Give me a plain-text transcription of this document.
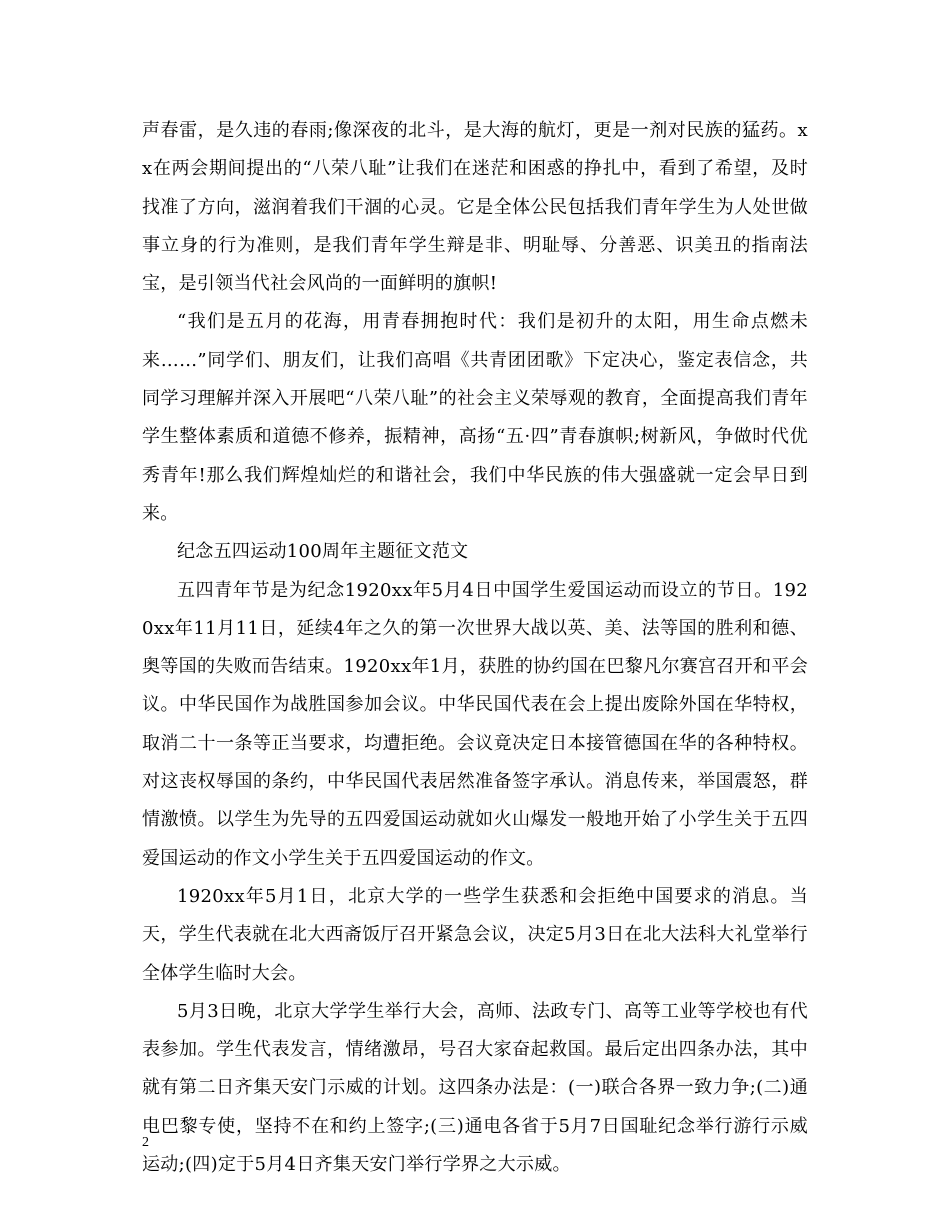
声春雷，是久违的春雨;像深夜的北斗，是大海的航灯，更是一剂对民族的猛药。xx在两会期间提出的“八荣八耻”让我们在迷茫和困惑的挣扎中，看到了希望，及时找准了方向，滋润着我们干涸的心灵。它是全体公民包括我们青年学生为人处世做事立身的行为准则，是我们青年学生辩是非、明耻辱、分善恶、识美丑的指南法宝，是引领当代社会风尚的一面鲜明的旗帜!

“我们是五月的花海，用青春拥抱时代：我们是初升的太阳，用生命点燃未来……”同学们、朋友们，让我们高唱《共青团团歌》下定决心，鉴定表信念，共同学习理解并深入开展吧“八荣八耻”的社会主义荣辱观的教育，全面提高我们青年学生整体素质和道德不修养，振精神，高扬“五·四”青春旗帜;树新风，争做时代优秀青年!那么我们辉煌灿烂的和谐社会，我们中华民族的伟大强盛就一定会早日到来。

纪念五四运动100周年主题征文范文

五四青年节是为纪念1920xx年5月4日中国学生爱国运动而设立的节日。1920xx年11月11日，延续4年之久的第一次世界大战以英、美、法等国的胜利和德、奥等国的失败而告结束。1920xx年1月，获胜的协约国在巴黎凡尔赛宫召开和平会议。中华民国作为战胜国参加会议。中华民国代表在会上提出废除外国在华特权，取消二十一条等正当要求，均遭拒绝。会议竟决定日本接管德国在华的各种特权。对这丧权辱国的条约，中华民国代表居然准备签字承认。消息传来，举国震怒，群情激愤。以学生为先导的五四爱国运动就如火山爆发一般地开始了小学生关于五四爱国运动的作文小学生关于五四爱国运动的作文。

1920xx年5月1日，北京大学的一些学生获悉和会拒绝中国要求的消息。当天，学生代表就在北大西斋饭厅召开紧急会议，决定5月3日在北大法科大礼堂举行全体学生临时大会。

5月3日晚，北京大学学生举行大会，高师、法政专门、高等工业等学校也有代表参加。学生代表发言，情绪激昂，号召大家奋起救国。最后定出四条办法，其中就有第二日齐集天安门示威的计划。这四条办法是：(一)联合各界一致力争;(二)通电巴黎专使，坚持不在和约上签字;(三)通电各省于5月7日国耻纪念举行游行示威运动;(四)定于5月4日齐集天安门举行学界之大示威。

2
